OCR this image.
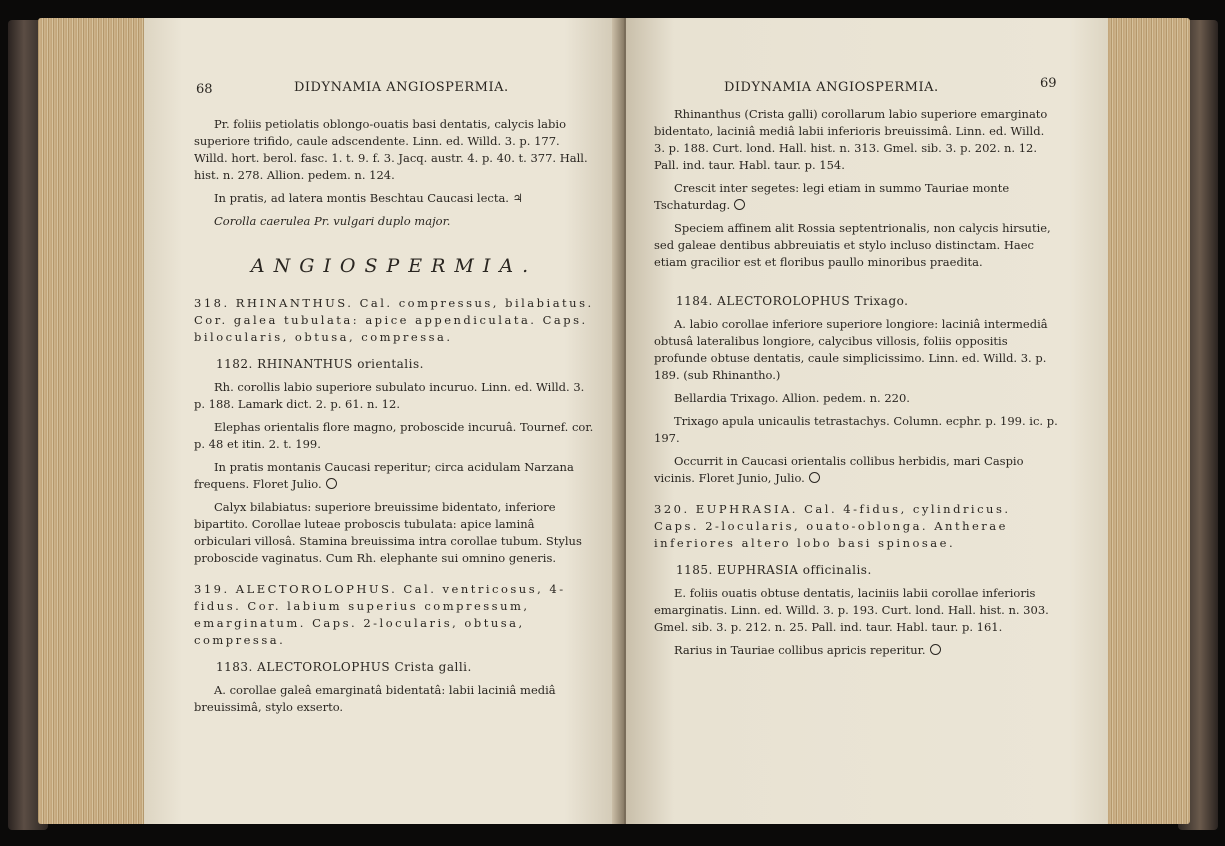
68	DIDYNAMIA ANGIOSPERMIA.

Pr. foliis petiolatis oblongo-ouatis basi dentatis, calycis labio superiore trifido, caule adscendente. Linn. ed. Willd. 3. p. 177. Willd. hort. berol. fasc. 1. t. 9. f. 3. Jacq. austr. 4. p. 40. t. 377. Hall. hist. n. 278. Allion. pedem. n. 124.

In pratis, ad latera montis Beschtau Caucasi lecta. ♃

Corolla caerulea Pr. vulgari duplo major.

ANGIOSPERMIA.

318. RHINANTHUS. Cal. compressus, bilabiatus. Cor. galea tubulata: apice appendiculata. Caps. bilocularis, obtusa, compressa.

1182. RHINANTHUS orientalis.

Rh. corollis labio superiore subulato incuruo. Linn. ed. Willd. 3. p. 188. Lamark dict. 2. p. 61. n. 12.

Elephas orientalis flore magno, proboscide incuruâ. Tournef. cor. p. 48 et itin. 2. t. 199.

In pratis montanis Caucasi reperitur; circa acidulam Narzana frequens. Floret Julio.

Calyx bilabiatus: superiore breuissime bidentato, inferiore bipartito. Corollae luteae proboscis tubulata: apice laminâ orbiculari villosâ. Stamina breuissima intra corollae tubum. Stylus proboscide vaginatus. Cum Rh. elephante sui omnino generis.

319. ALECTOROLOPHUS. Cal. ventricosus, 4-fidus. Cor. labium superius compressum, emarginatum. Caps. 2-locularis, obtusa, compressa.

1183. ALECTOROLOPHUS Crista galli.

A. corollae galeâ emarginatâ bidentatâ: labii laciniâ mediâ breuissimâ, stylo exserto.

DIDYNAMIA ANGIOSPERMIA.	69

Rhinanthus (Crista galli) corollarum labio superiore emarginato bidentato, laciniâ mediâ labii inferioris breuissimâ. Linn. ed. Willd. 3. p. 188. Curt. lond. Hall. hist. n. 313. Gmel. sib. 3. p. 202. n. 12. Pall. ind. taur. Habl. taur. p. 154.

Crescit inter segetes: legi etiam in summo Tauriae monte Tschaturdag.

Speciem affinem alit Rossia septentrionalis, non calycis hirsutie, sed galeae dentibus abbreuiatis et stylo incluso distinctam. Haec etiam gracilior est et floribus paullo minoribus praedita.

1184. ALECTOROLOPHUS Trixago.

A. labio corollae inferiore superiore longiore: laciniâ intermediâ obtusâ lateralibus longiore, calycibus villosis, foliis oppositis profunde obtuse dentatis, caule simplicissimo. Linn. ed. Willd. 3. p. 189. (sub Rhinantho.)

Bellardia Trixago. Allion. pedem. n. 220.

Trixago apula unicaulis tetrastachys. Column. ecphr. p. 199. ic. p. 197.

Occurrit in Caucasi orientalis collibus herbidis, mari Caspio vicinis. Floret Junio, Julio.

320. EUPHRASIA. Cal. 4-fidus, cylindricus. Caps. 2-locularis, ouato-oblonga. Antherae inferiores altero lobo basi spinosae.

1185. EUPHRASIA officinalis.

E. foliis ouatis obtuse dentatis, laciniis labii corollae inferioris emarginatis. Linn. ed. Willd. 3. p. 193. Curt. lond. Hall. hist. n. 303. Gmel. sib. 3. p. 212. n. 25. Pall. ind. taur. Habl. taur. p. 161.

Rarius in Tauriae collibus apricis reperitur.
